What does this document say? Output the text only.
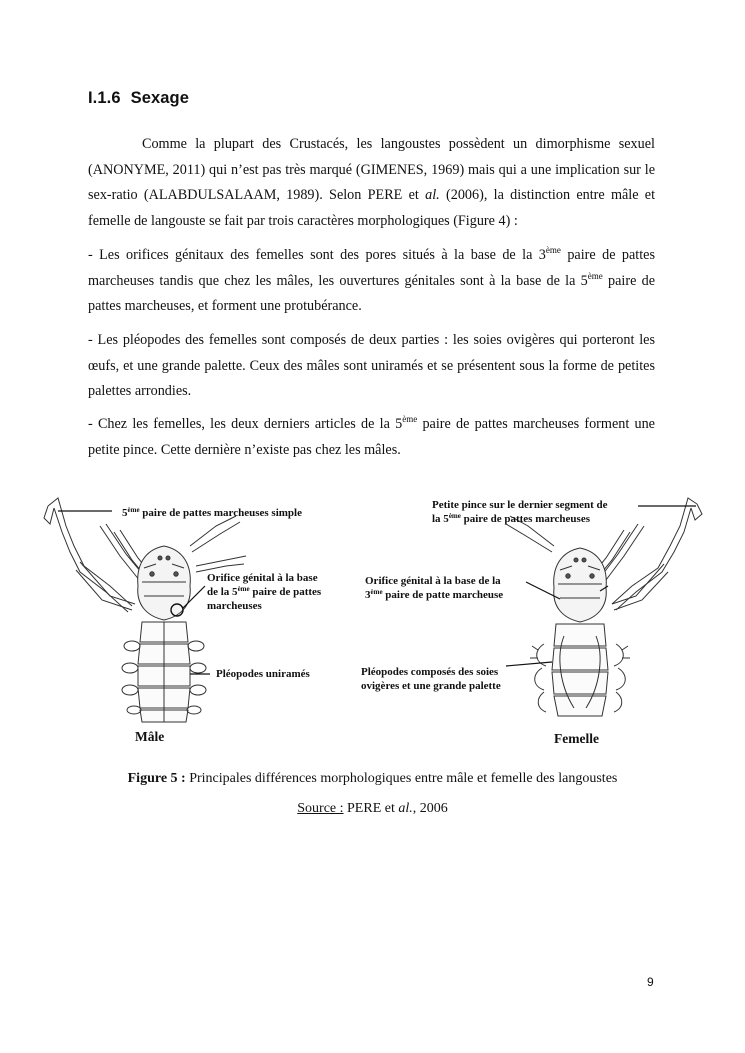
I.1.6 Sexage

Comme la plupart des Crustacés, les langoustes possèdent un dimorphisme sexuel (ANONYME, 2011) qui n’est pas très marqué (GIMENES, 1969) mais qui a une implication sur le sex-ratio (ALABDULSALAAM, 1989). Selon PERE et al. (2006), la distinction entre mâle et femelle de langouste se fait par trois caractères morphologiques (Figure 4) :

- Les orifices génitaux des femelles sont des pores situés à la base de la 3ème paire de pattes marcheuses tandis que chez les mâles, les ouvertures génitales sont à la base de la 5ème paire de pattes marcheuses, et forment une protubérance.

- Les pléopodes des femelles sont composés de deux parties : les soies ovigères qui porteront les œufs, et une grande palette. Ceux des mâles sont uniramés et se présentent sous la forme de petites palettes arrondies.

- Chez les femelles, les deux derniers articles de la 5ème paire de pattes marcheuses forment une petite pince. Cette dernière n’existe pas chez les mâles.

5ème paire de pattes marcheuses simple
Orifice génital à la base
de la 5ème paire de pattes
marcheuses
Pléopodes uniramés
Mâle
Petite pince sur le dernier segment de
la 5ème paire de pattes marcheuses
Orifice génital à la base de la
3ème paire de patte marcheuse
Pléopodes composés des soies
ovigères et une grande palette
Femelle
Figure 5 : Principales différences morphologiques entre mâle et femelle des langoustes
Source : PERE et al., 2006
9
